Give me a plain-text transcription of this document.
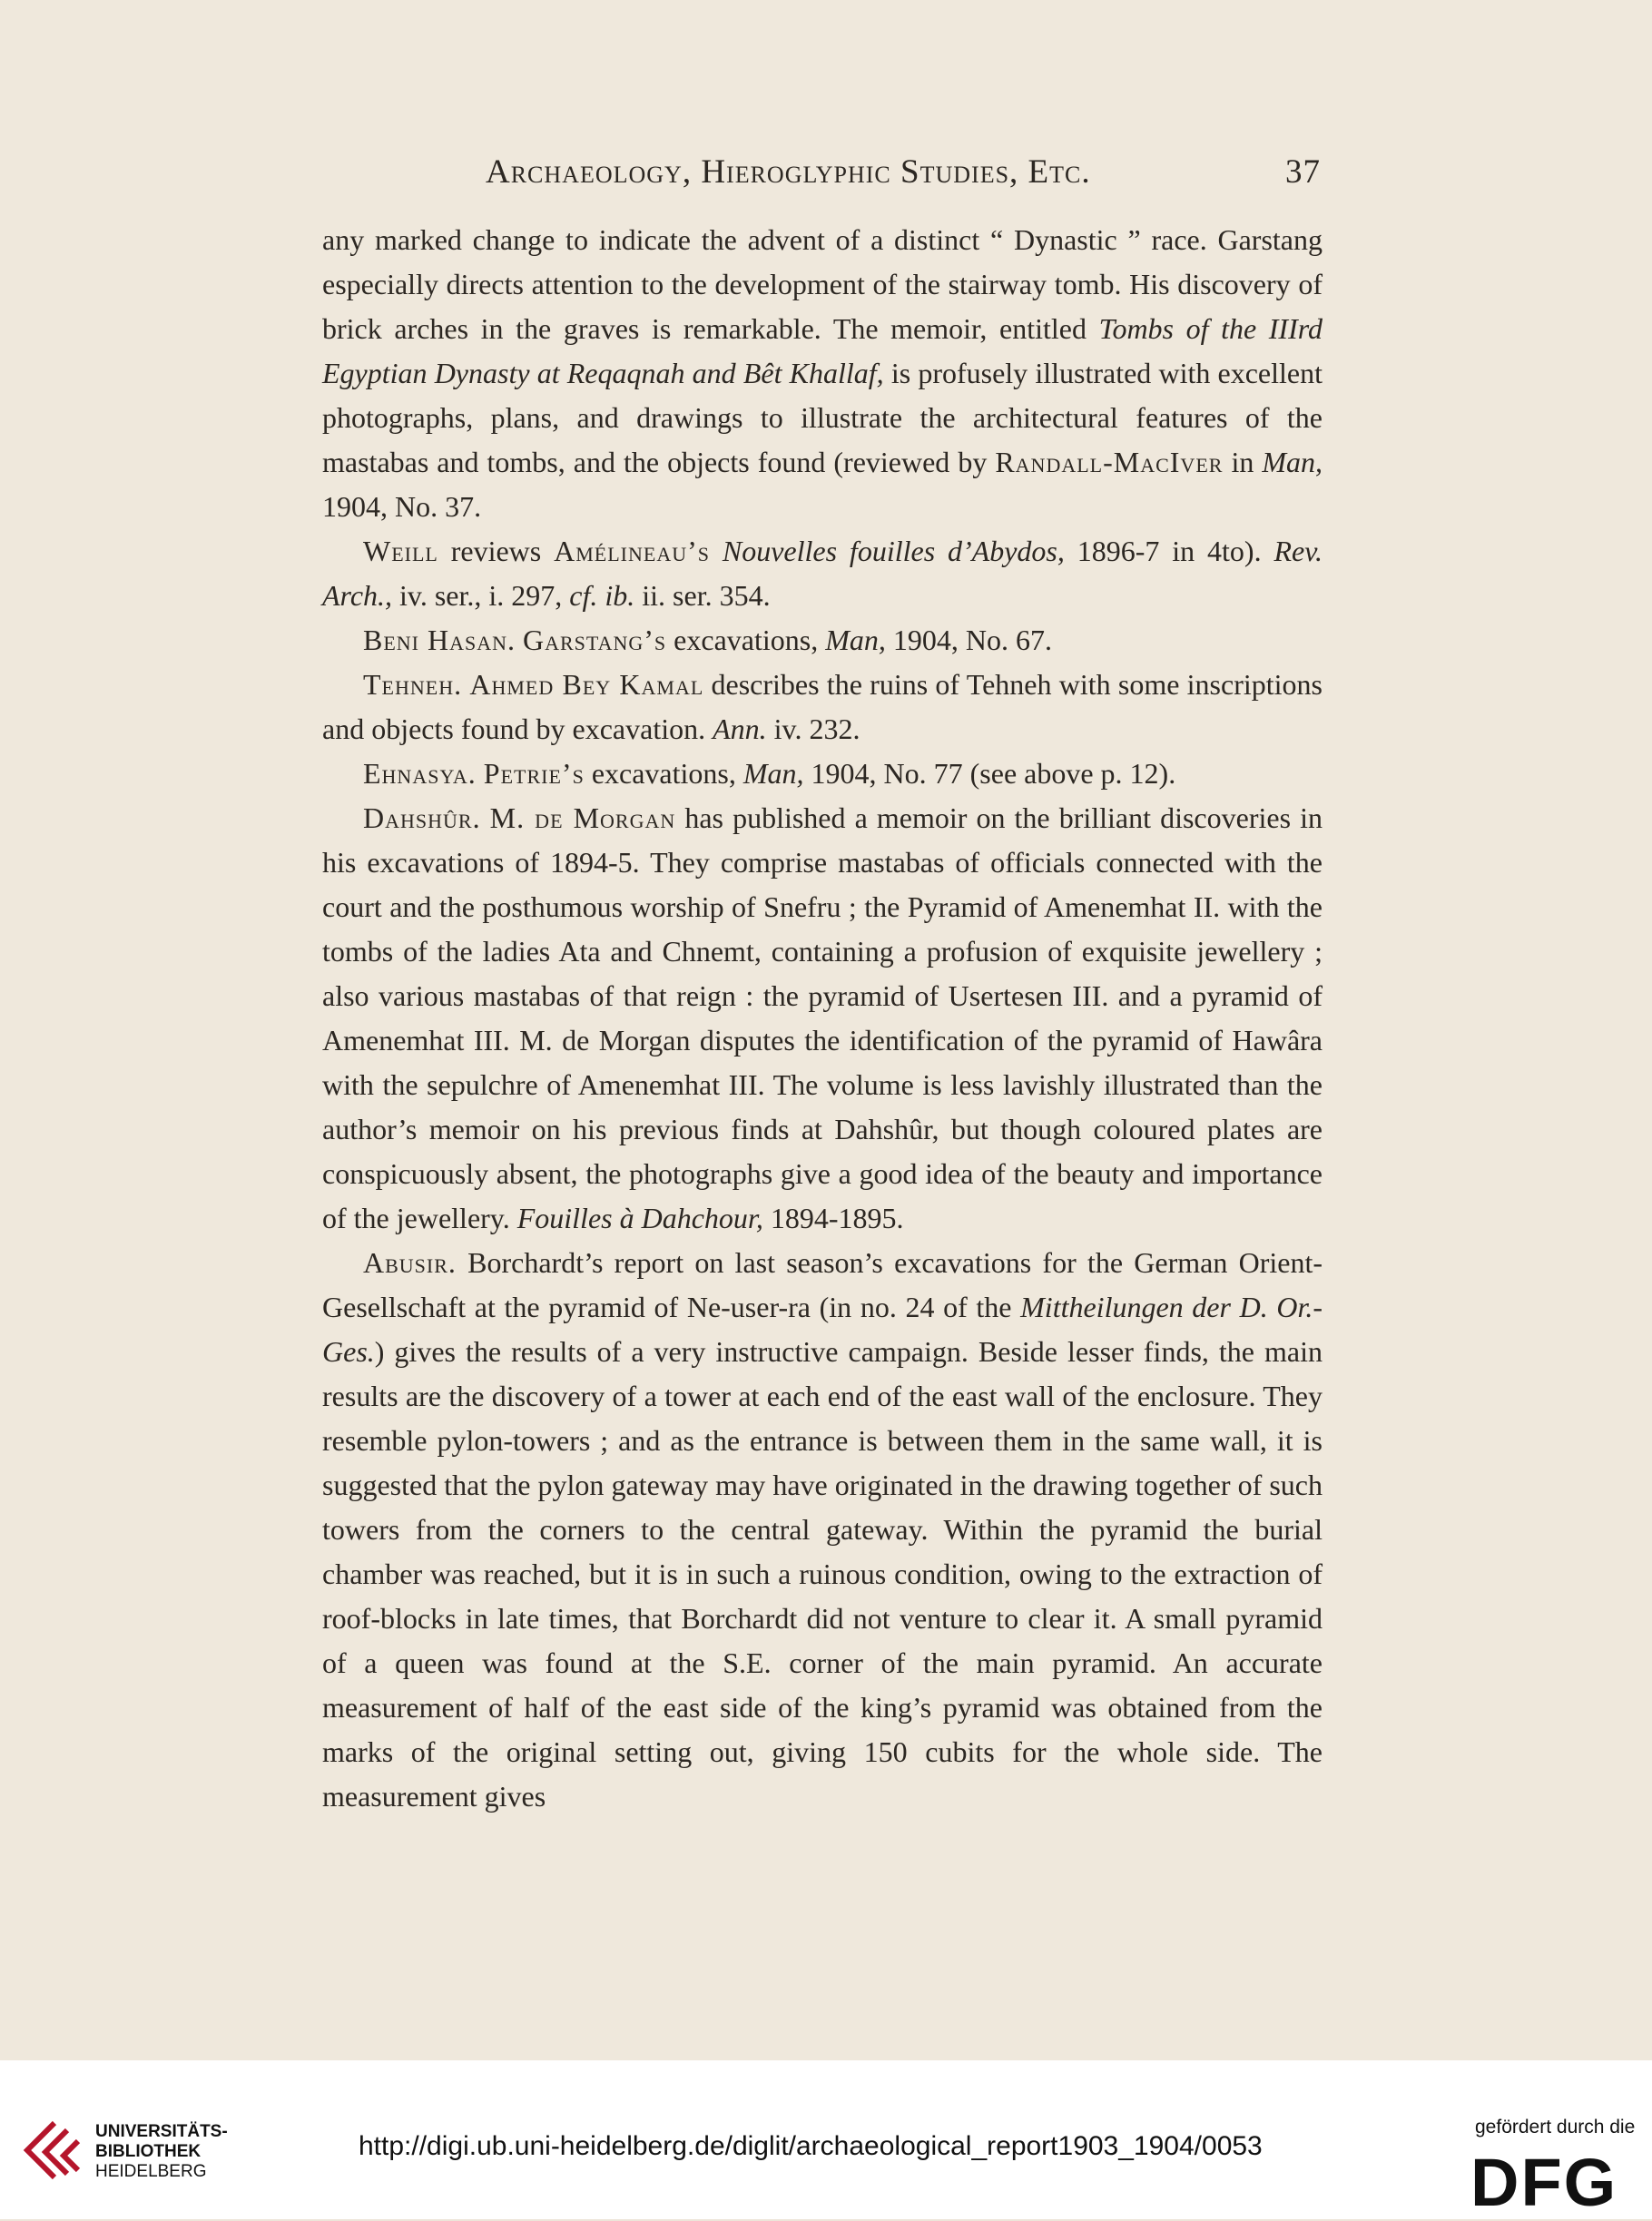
Archaeology, Hieroglyphic Studies, Etc.	37

any marked change to indicate the advent of a distinct “ Dynastic ” race. Garstang especially directs attention to the development of the stairway tomb. His discovery of brick arches in the graves is remarkable. The memoir, entitled Tombs of the IIIrd Egyptian Dynasty at Reqaqnah and Bêt Khallaf, is profusely illustrated with excellent photographs, plans, and drawings to illustrate the architectural features of the mastabas and tombs, and the objects found (reviewed by Randall-MacIver in Man, 1904, No. 37.

Weill reviews Amélineau’s Nouvelles fouilles d’Abydos, 1896-7 in 4to). Rev. Arch., iv. ser., i. 297, cf. ib. ii. ser. 354.

Beni Hasan. Garstang’s excavations, Man, 1904, No. 67.

Tehneh. Ahmed Bey Kamal describes the ruins of Tehneh with some inscriptions and objects found by excavation. Ann. iv. 232.

Ehnasya. Petrie’s excavations, Man, 1904, No. 77 (see above p. 12).

Dahshûr. M. de Morgan has published a memoir on the brilliant discoveries in his excavations of 1894-5. They comprise mastabas of officials connected with the court and the posthumous worship of Snefru ; the Pyramid of Amenemhat II. with the tombs of the ladies Ata and Chnemt, containing a profusion of exquisite jewellery ; also various mastabas of that reign : the pyramid of Usertesen III. and a pyramid of Amenemhat III. M. de Morgan disputes the identification of the pyramid of Hawâra with the sepulchre of Amenemhat III. The volume is less lavishly illustrated than the author’s memoir on his previous finds at Dahshûr, but though coloured plates are conspicuously absent, the photographs give a good idea of the beauty and importance of the jewellery. Fouilles à Dahchour, 1894-1895.

Abusir. Borchardt’s report on last season’s excavations for the German Orient-Gesellschaft at the pyramid of Ne-user-ra (in no. 24 of the Mittheilungen der D. Or.-Ges.) gives the results of a very instructive campaign. Beside lesser finds, the main results are the discovery of a tower at each end of the east wall of the enclosure. They resemble pylon-towers ; and as the entrance is between them in the same wall, it is suggested that the pylon gateway may have originated in the drawing together of such towers from the corners to the central gateway. Within the pyramid the burial chamber was reached, but it is in such a ruinous condition, owing to the extraction of roof-blocks in late times, that Borchardt did not venture to clear it. A small pyramid of a queen was found at the S.E. corner of the main pyramid. An accurate measurement of half of the east side of the king’s pyramid was obtained from the marks of the original setting out, giving 150 cubits for the whole side. The measurement gives

UNIVERSITÄTS-
BIBLIOTHEK
HEIDELBERG
http://digi.ub.uni-heidelberg.de/diglit/archaeological_report1903_1904/0053
gefördert durch die
DFG
